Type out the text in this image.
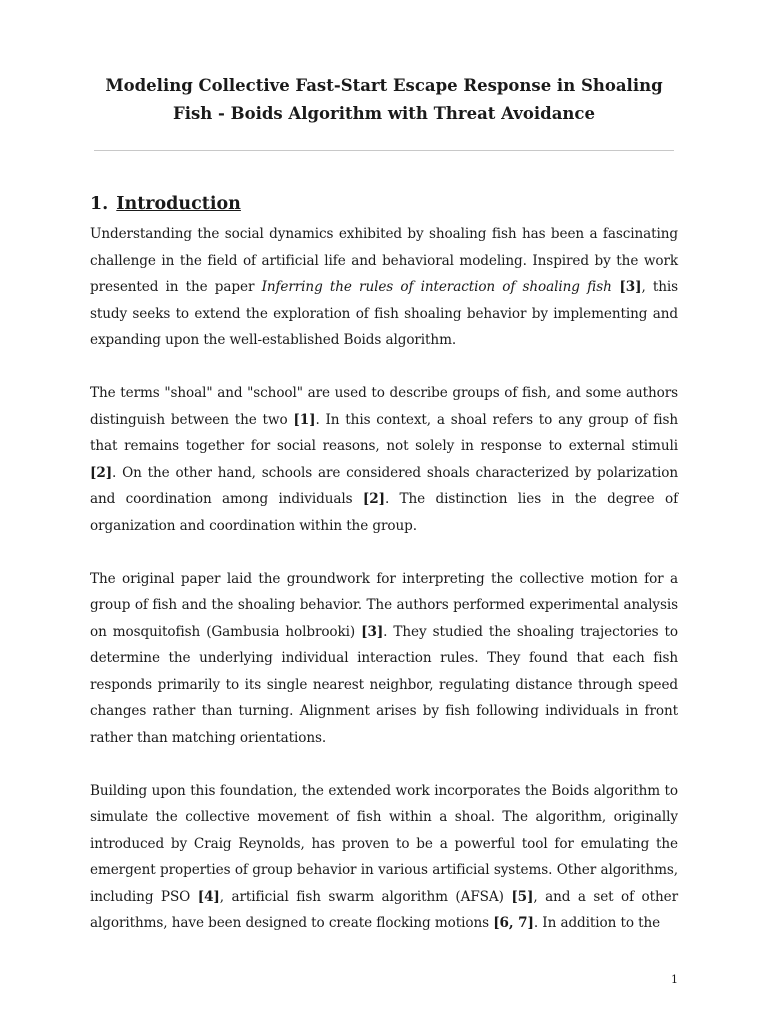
Modeling Collective Fast-Start Escape Response in Shoaling
Fish - Boids Algorithm with Threat Avoidance
1. Introduction

Understanding the social dynamics exhibited by shoaling fish has been a fascinating challenge in the field of artificial life and behavioral modeling. Inspired by the work presented in the paper Inferring the rules of interaction of shoaling fish [3], this study seeks to extend the exploration of fish shoaling behavior by implementing and expanding upon the well-established Boids algorithm.

The terms "shoal" and "school" are used to describe groups of fish, and some authors distinguish between the two [1]. In this context, a shoal refers to any group of fish that remains together for social reasons, not solely in response to external stimuli [2]. On the other hand, schools are considered shoals characterized by polarization and coordination among individuals [2]. The distinction lies in the degree of organization and coordination within the group.

The original paper laid the groundwork for interpreting the collective motion for a group of fish and the shoaling behavior. The authors performed experimental analysis on mosquitofish (Gambusia holbrooki) [3]. They studied the shoaling trajectories to determine the underlying individual interaction rules. They found that each fish responds primarily to its single nearest neighbor, regulating distance through speed changes rather than turning. Alignment arises by fish following individuals in front rather than matching orientations.

Building upon this foundation, the extended work incorporates the Boids algorithm to simulate the collective movement of fish within a shoal. The algorithm, originally introduced by Craig Reynolds, has proven to be a powerful tool for emulating the emergent properties of group behavior in various artificial systems. Other algorithms, including PSO [4], artificial fish swarm algorithm (AFSA) [5], and a set of other algorithms, have been designed to create flocking motions [6, 7]. In addition to the

1
